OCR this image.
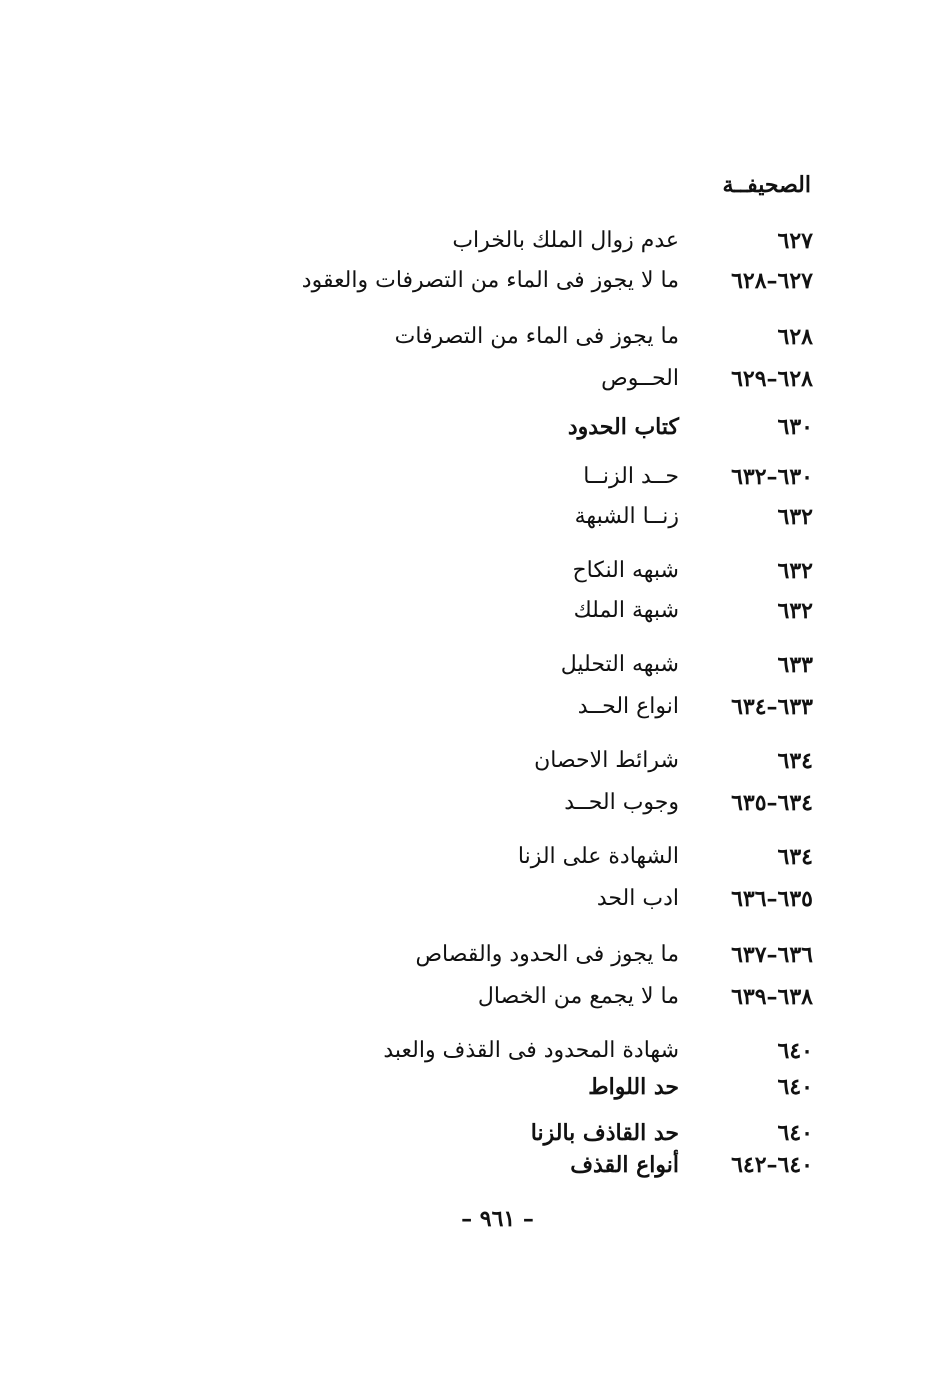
الصحيفــة
٦٢٧
عدم زوال الملك بالخراب
٦٢٧–٦٢٨
ما لا يجوز فى الماء من التصرفات والعقود
٦٢٨
ما يجوز فى الماء من التصرفات
٦٢٨–٦٢٩
الحــوص
٦٣٠
كتاب الحدود
٦٣٠–٦٣٢
حــد الزنــا
٦٣٢
زنــا الشبهة
٦٣٢
شبهه النكاح
٦٣٢
شبهة الملك
٦٣٣
شبهه التحليل
٦٣٣–٦٣٤
انواع الحــد
٦٣٤
شرائط الاحصان
٦٣٤–٦٣٥
وجوب الحــد
٦٣٤
الشهادة على الزنا
٦٣٥–٦٣٦
ادب الحد
٦٣٦–٦٣٧
ما يجوز فى الحدود والقصاص
٦٣٨–٦٣٩
ما لا يجمع من الخصال
٦٤٠
شهادة المحدود فى القذف والعبد
٦٤٠
حد اللواط
٦٤٠
حد القاذف بالزنا
٦٤٠–٦٤٢
أنواع القذف
– ٩٦١ –
